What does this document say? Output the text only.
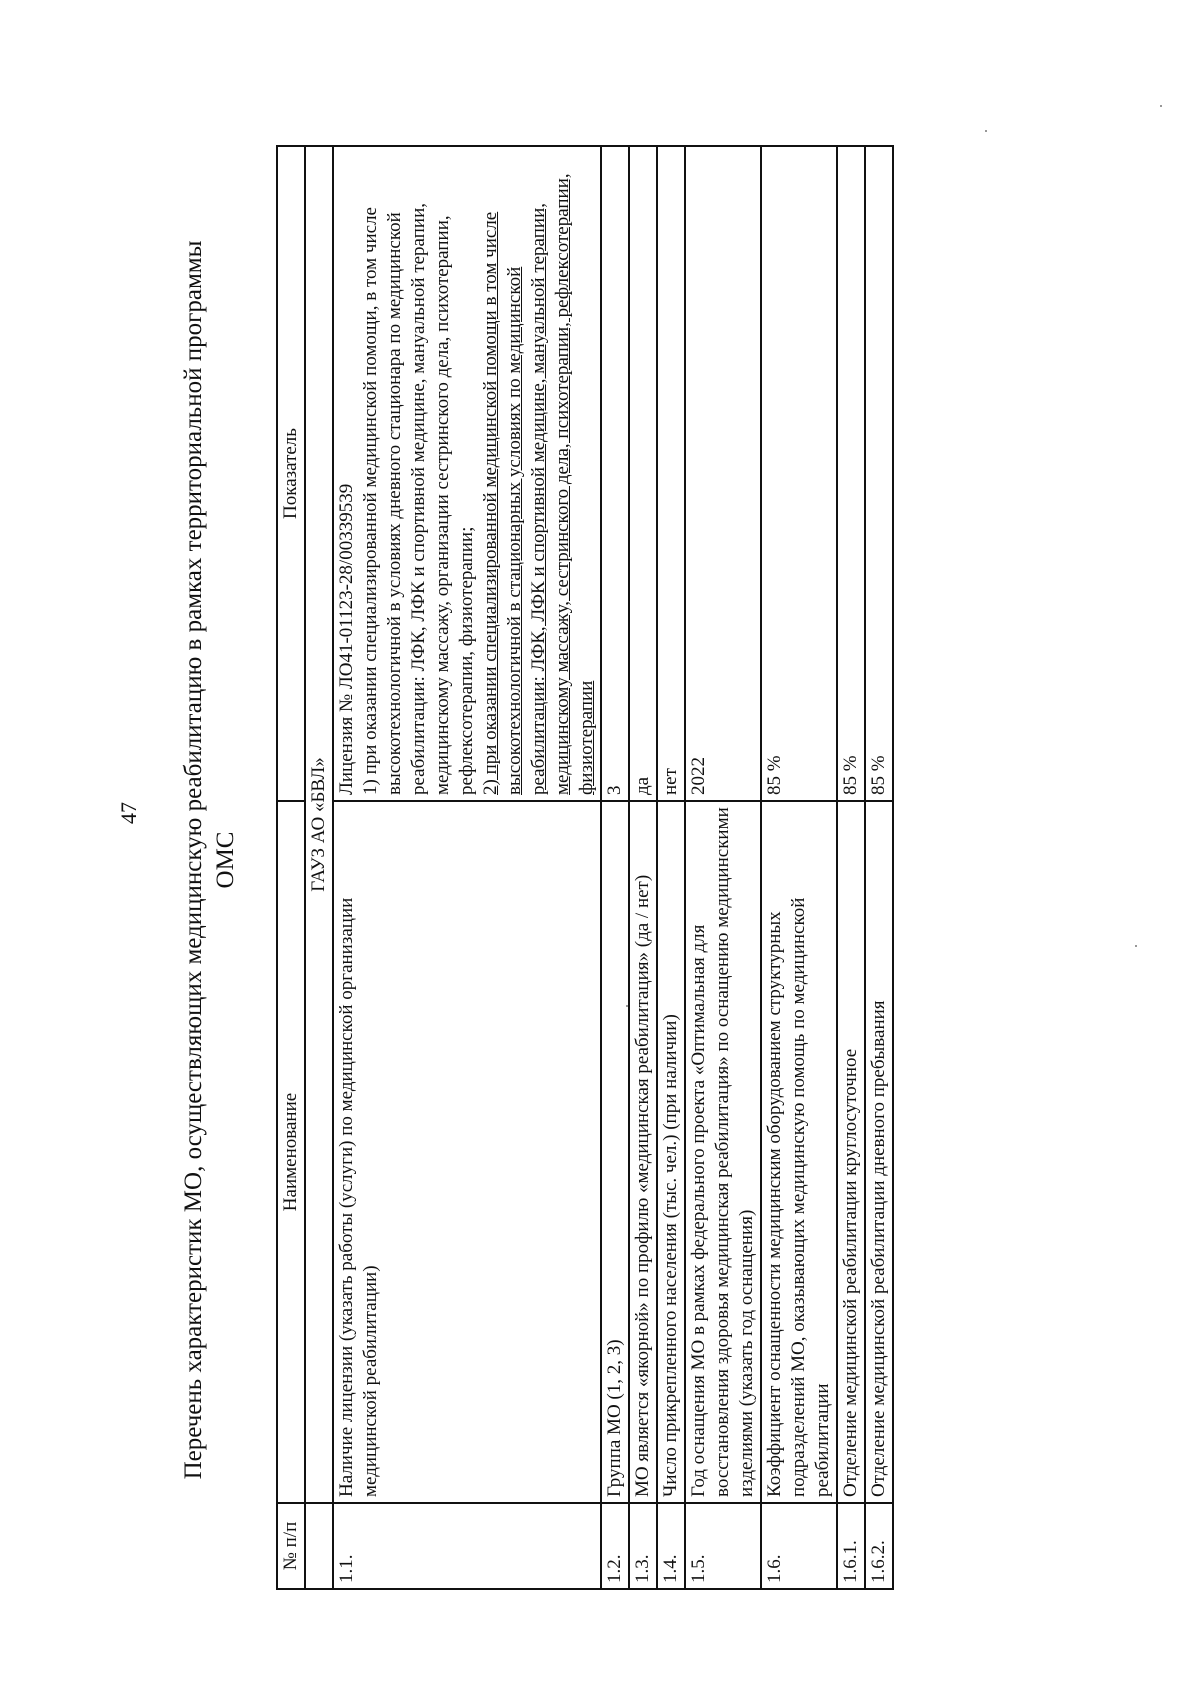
47 Перечень характеристик МО, осуществляющих медицинскую реабилитацию в рамках территориальной программы ОМС

№ п/п	Наименование	Показатель
	ГАУЗ АО «БВЛ»	
1.1.	Наличие лицензии (указать работы (услуги) по медицинской организации медицинской реабилитации)	Лицензия № ЛО41-01123-28/00339539 1) при оказании специализированной медицинской помощи, в том числе высокотехнологичной в условиях дневного стационара по медицинской реабилитации: ЛФК, ЛФК и спортивной медицине, мануальной терапии, медицинскому массажу, организации сестринского дела, психотерапии, рефлексотерапии, физиотерапии; 2) при оказании специализированной медицинской помощи в том числе высокотехнологичной в стационарных условиях по медицинской реабилитации: ЛФК, ЛФК и спортивной медицине, мануальной терапии, медицинскому массажу, сестринского дела, психотерапии, рефлексотерапии, физиотерапии

1.2.	Группа МО (1, 2, 3)	3
1.3.	МО является «якорной» по профилю «медицинская реабилитация» (да / нет)	да
1.4.	Число прикрепленного населения (тыс. чел.) (при наличии)	нет
1.5.	Год оснащения МО в рамках федерального проекта «Оптимальная для восстановления здоровья медицинская реабилитация» по оснащению медицинскими изделиями (указать год оснащения)	2022
1.6.	Коэффициент оснащенности медицинским оборудованием структурных подразделений МО, оказывающих медицинскую помощь по медицинской реабилитации	85 %
1.6.1.	Отделение медицинской реабилитации круглосуточное	85 %
1.6.2.	Отделение медицинской реабилитации дневного пребывания	85 %
